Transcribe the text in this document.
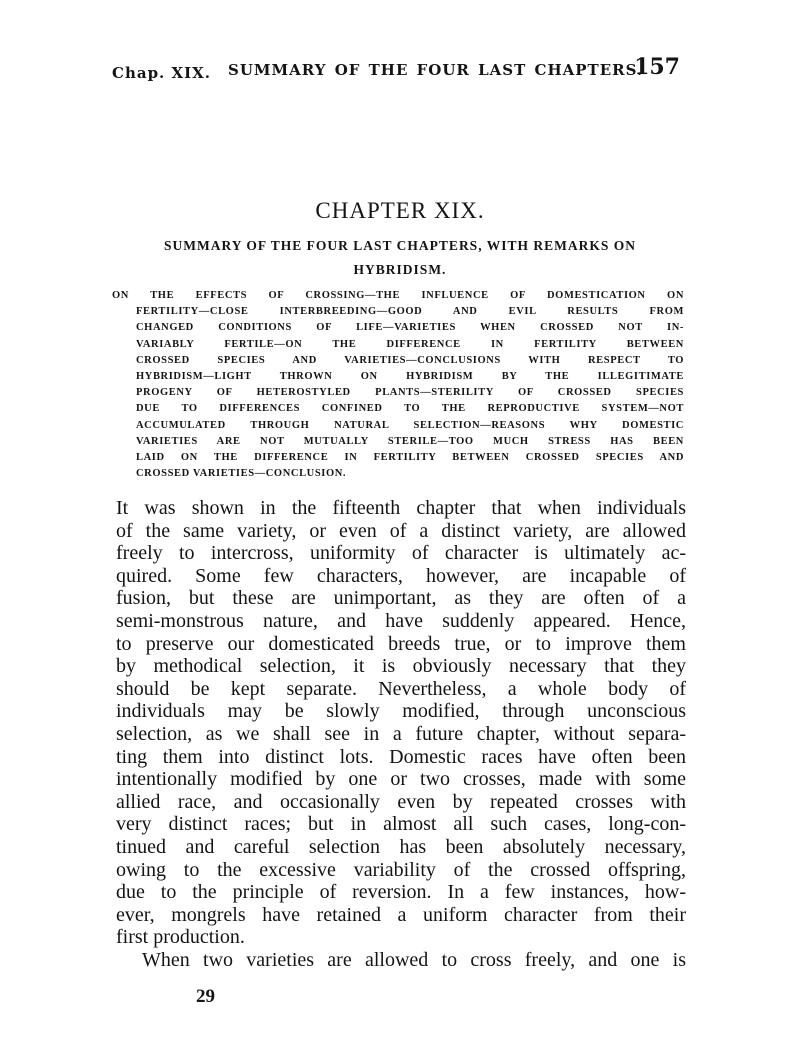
Chap. XIX. SUMMARY OF THE FOUR LAST CHAPTERS.
157
CHAPTER XIX.
SUMMARY OF THE FOUR LAST CHAPTERS, WITH REMARKS ON
HYBRIDISM.
ON THE EFFECTS OF CROSSING—THE INFLUENCE OF DOMESTICATION ON
FERTILITY—CLOSE INTERBREEDING—GOOD AND EVIL RESULTS FROM
CHANGED CONDITIONS OF LIFE—VARIETIES WHEN CROSSED NOT IN-
VARIABLY FERTILE—ON THE DIFFERENCE IN FERTILITY BETWEEN
CROSSED SPECIES AND VARIETIES—CONCLUSIONS WITH RESPECT TO
HYBRIDISM—LIGHT THROWN ON HYBRIDISM BY THE ILLEGITIMATE
PROGENY OF HETEROSTYLED PLANTS—STERILITY OF CROSSED SPECIES
DUE TO DIFFERENCES CONFINED TO THE REPRODUCTIVE SYSTEM—NOT
ACCUMULATED THROUGH NATURAL SELECTION—REASONS WHY DOMESTIC
VARIETIES ARE NOT MUTUALLY STERILE—TOO MUCH STRESS HAS BEEN
LAID ON THE DIFFERENCE IN FERTILITY BETWEEN CROSSED SPECIES AND
CROSSED VARIETIES—CONCLUSION.
It was shown in the fifteenth chapter that when individuals
of the same variety, or even of a distinct variety, are allowed
freely to intercross, uniformity of character is ultimately ac-
quired. Some few characters, however, are incapable of
fusion, but these are unimportant, as they are often of a
semi-monstrous nature, and have suddenly appeared. Hence,
to preserve our domesticated breeds true, or to improve them
by methodical selection, it is obviously necessary that they
should be kept separate. Nevertheless, a whole body of
individuals may be slowly modified, through unconscious
selection, as we shall see in a future chapter, without separa-
ting them into distinct lots. Domestic races have often been
intentionally modified by one or two crosses, made with some
allied race, and occasionally even by repeated crosses with
very distinct races; but in almost all such cases, long-con-
tinued and careful selection has been absolutely necessary,
owing to the excessive variability of the crossed offspring,
due to the principle of reversion. In a few instances, how-
ever, mongrels have retained a uniform character from their
first production.
When two varieties are allowed to cross freely, and one is
29
